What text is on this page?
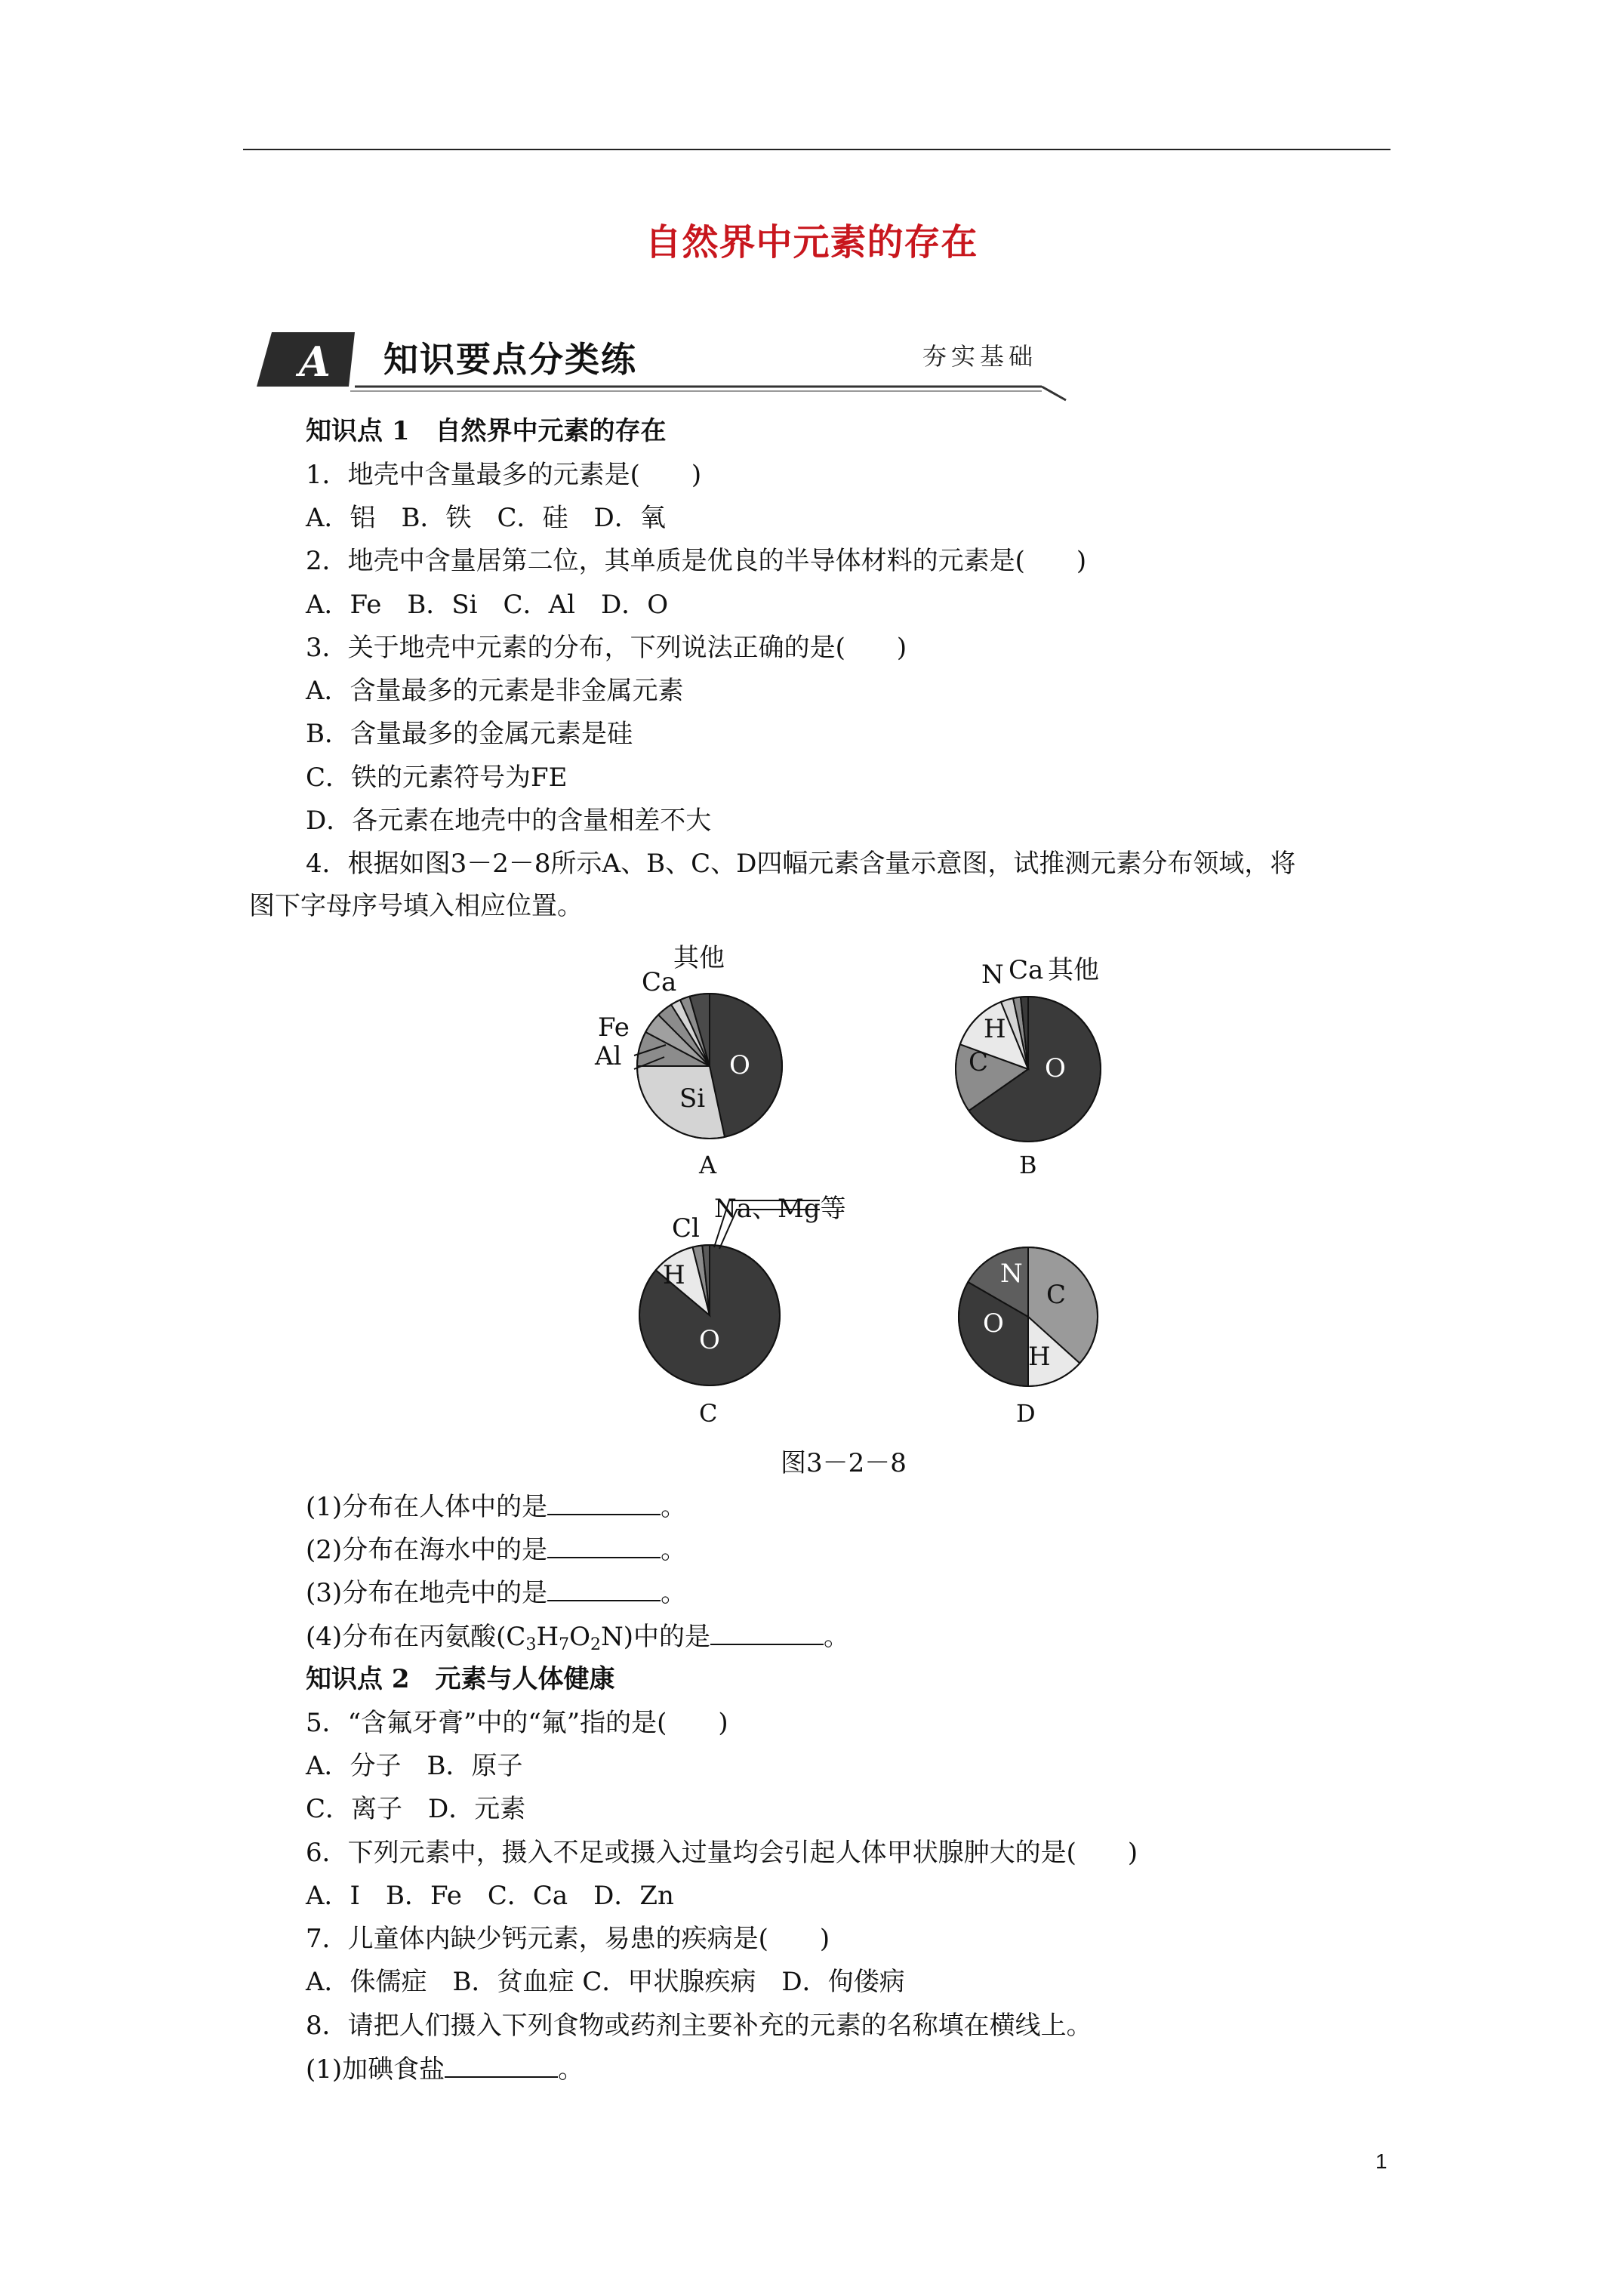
自然界中元素的存在
A 知识要点分类练	夯实基础
知识点 1　自然界中元素的存在
1．地壳中含量最多的元素是(　　)
A．铝　B．铁　C．硅　D．氧
2．地壳中含量居第二位，其单质是优良的半导体材料的元素是(　　)
A．Fe　B．Si　C．Al　D．O
3．关于地壳中元素的分布，下列说法正确的是(　　)
A．含量最多的元素是非金属元素
B．含量最多的金属元素是硅
C．铁的元素符号为FE
D．各元素在地壳中的含量相差不大
4．根据如图3－2－8所示A、B、C、D四幅元素含量示意图，试推测元素分布领域，将
图下字母序号填入相应位置。
其他
Ca
Fe
Al
Si
O
A
N Ca 其他
H
C O
B
Cl
Na、Mg等
H
O
C
N
C
O
H
D
图3－2－8
(1)分布在人体中的是	。
(2)分布在海水中的是	。
(3)分布在地壳中的是	。
(4)分布在丙氨酸$(C_3H_7O_2N)$中的是	。
知识点 2　元素与人体健康
5．“含氟牙膏”中的“氟”指的是(　　)
A．分子　B．原子
C．离子　D．元素
6．下列元素中，摄入不足或摄入过量均会引起人体甲状腺肿大的是(　　)
A．I　B．Fe　C．Ca　D．Zn
7．儿童体内缺少钙元素，易患的疾病是(　　)
A．侏儒症　B．贫血症 C．甲状腺疾病　D．佝偻病
8．请把人们摄入下列食物或药剂主要补充的元素的名称填在横线上。
(1)加碘食盐	。
1
